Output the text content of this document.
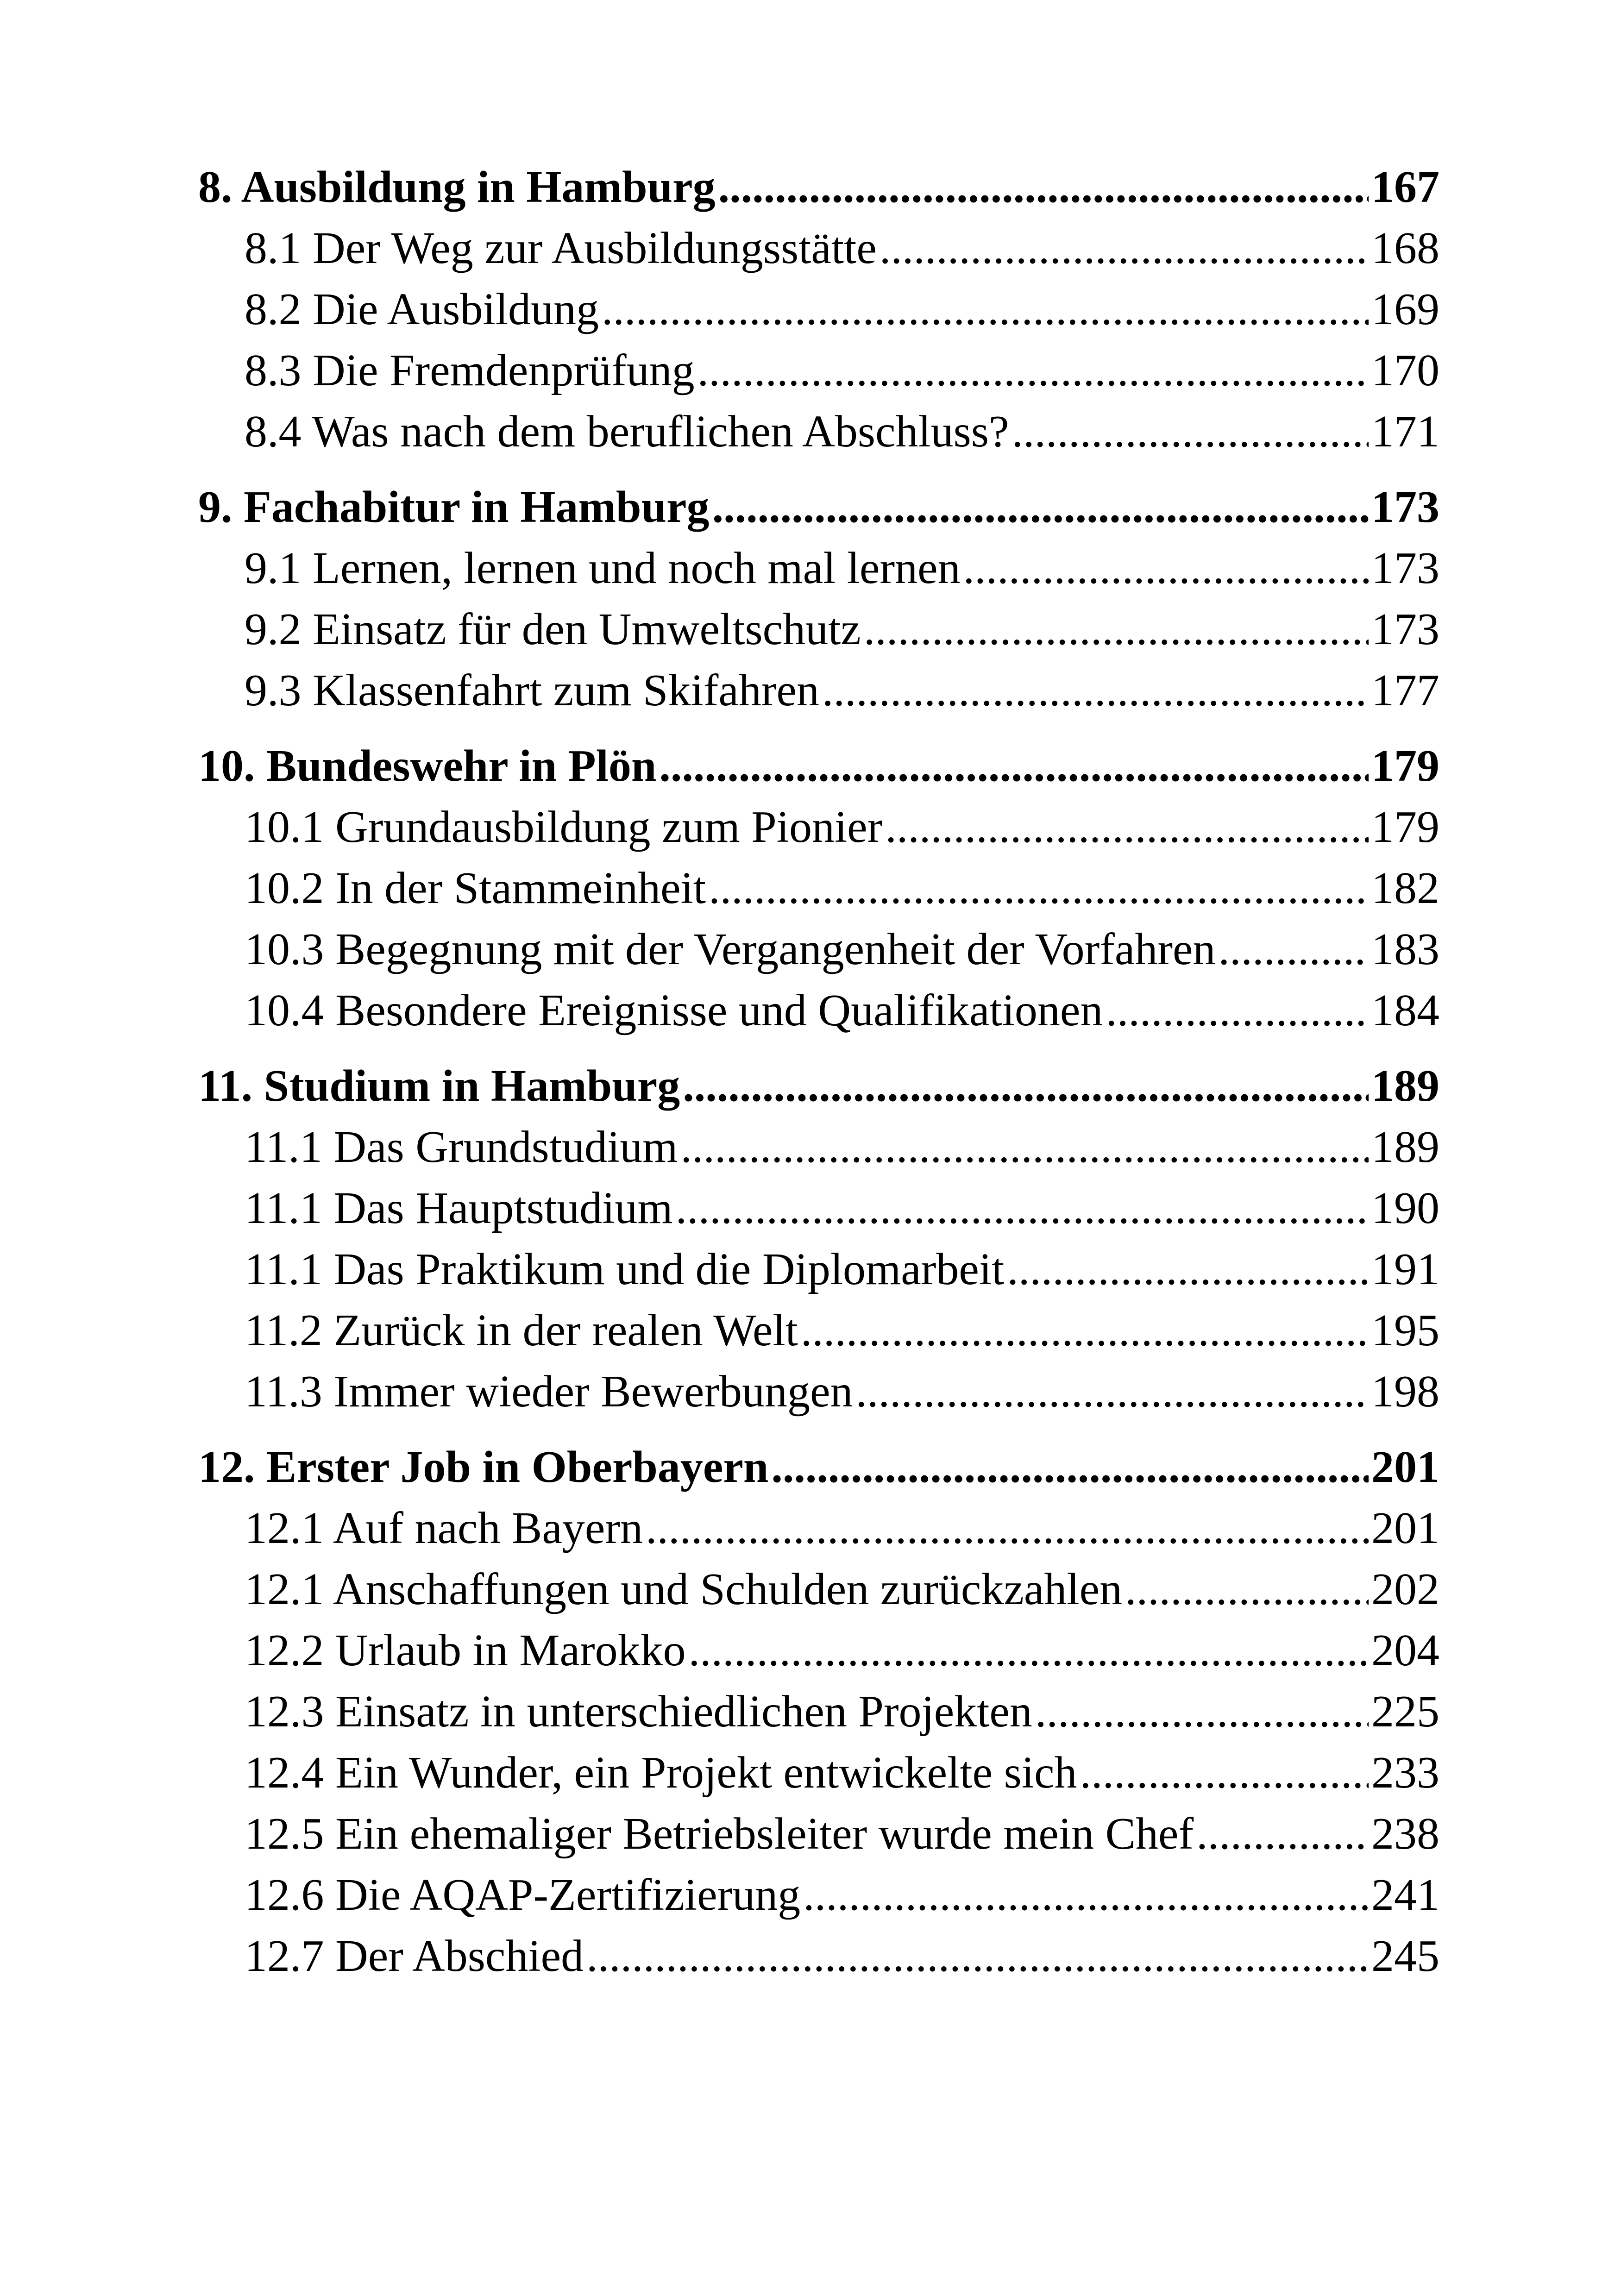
8. Ausbildung in Hamburg .....	167
8.1 Der Weg zur Ausbildungsstätte .....	168
8.2 Die Ausbildung .....	169
8.3 Die Fremdenprüfung .....	170
8.4 Was nach dem beruflichen Abschluss? .....	171
9. Fachabitur in Hamburg .....	173
9.1 Lernen, lernen und noch mal lernen .....	173
9.2 Einsatz für den Umweltschutz .....	173
9.3 Klassenfahrt zum Skifahren .....	177
10. Bundeswehr in Plön .....	179
10.1 Grundausbildung zum Pionier .....	179
10.2 In der Stammeinheit .....	182
10.3 Begegnung mit der Vergangenheit der Vorfahren .....	183
10.4 Besondere Ereignisse und Qualifikationen .....	184
11. Studium in Hamburg .....	189
11.1 Das Grundstudium .....	189
11.1 Das Hauptstudium .....	190
11.1 Das Praktikum und die Diplomarbeit .....	191
11.2 Zurück in der realen Welt .....	195
11.3 Immer wieder Bewerbungen .....	198
12. Erster Job in Oberbayern .....	201
12.1 Auf nach Bayern .....	201
12.1 Anschaffungen und Schulden zurückzahlen .....	202
12.2 Urlaub in Marokko .....	204
12.3 Einsatz in unterschiedlichen Projekten .....	225
12.4 Ein Wunder, ein Projekt entwickelte sich .....	233
12.5 Ein ehemaliger Betriebsleiter wurde mein Chef .....	238
12.6 Die AQAP-Zertifizierung .....	241
12.7 Der Abschied .....	245
